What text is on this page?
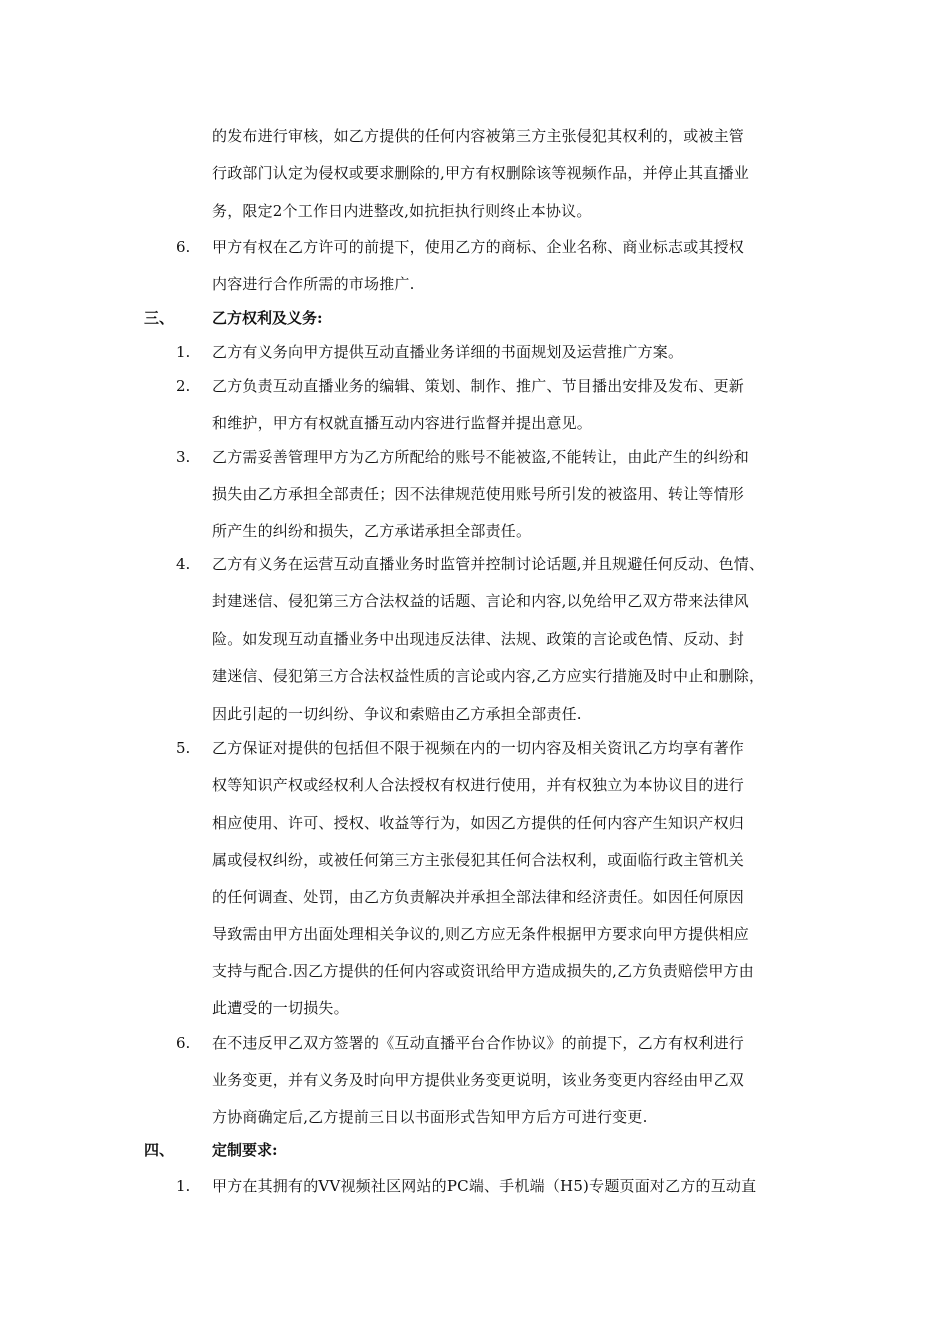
的发布进行审核，如乙方提供的任何内容被第三方主张侵犯其权利的，或被主管
行政部门认定为侵权或要求删除的,甲方有权删除该等视频作品，并停止其直播业
务，限定2个工作日内进整改,如抗拒执行则终止本协议。
6. 甲方有权在乙方许可的前提下，使用乙方的商标、企业名称、商业标志或其授权
内容进行合作所需的市场推广.
三、	乙方权利及义务:
1. 乙方有义务向甲方提供互动直播业务详细的书面规划及运营推广方案。
2. 乙方负责互动直播业务的编辑、策划、制作、推广、节目播出安排及发布、更新
和维护，甲方有权就直播互动内容进行监督并提出意见。
3. 乙方需妥善管理甲方为乙方所配给的账号不能被盗,不能转让，由此产生的纠纷和
损失由乙方承担全部责任；因不法律规范使用账号所引发的被盗用、转让等情形
所产生的纠纷和损失，乙方承诺承担全部责任。
4. 乙方有义务在运营互动直播业务时监管并控制讨论话题,并且规避任何反动、色情、
封建迷信、侵犯第三方合法权益的话题、言论和内容,以免给甲乙双方带来法律风
险。如发现互动直播业务中出现违反法律、法规、政策的言论或色情、反动、封
建迷信、侵犯第三方合法权益性质的言论或内容,乙方应实行措施及时中止和删除，
因此引起的一切纠纷、争议和索赔由乙方承担全部责任.
5. 乙方保证对提供的包括但不限于视频在内的一切内容及相关资讯乙方均享有著作
权等知识产权或经权利人合法授权有权进行使用，并有权独立为本协议目的进行
相应使用、许可、授权、收益等行为，如因乙方提供的任何内容产生知识产权归
属或侵权纠纷，或被任何第三方主张侵犯其任何合法权利，或面临行政主管机关
的任何调查、处罚，由乙方负责解决并承担全部法律和经济责任。如因任何原因
导致需由甲方出面处理相关争议的,则乙方应无条件根据甲方要求向甲方提供相应
支持与配合.因乙方提供的任何内容或资讯给甲方造成损失的,乙方负责赔偿甲方由
此遭受的一切损失。
6. 在不违反甲乙双方签署的《互动直播平台合作协议》的前提下，乙方有权利进行
业务变更，并有义务及时向甲方提供业务变更说明，该业务变更内容经由甲乙双
方协商确定后,乙方提前三日以书面形式告知甲方后方可进行变更.
四、	定制要求:
1. 甲方在其拥有的VV视频社区网站的PC端、手机端（H5)专题页面对乙方的互动直
